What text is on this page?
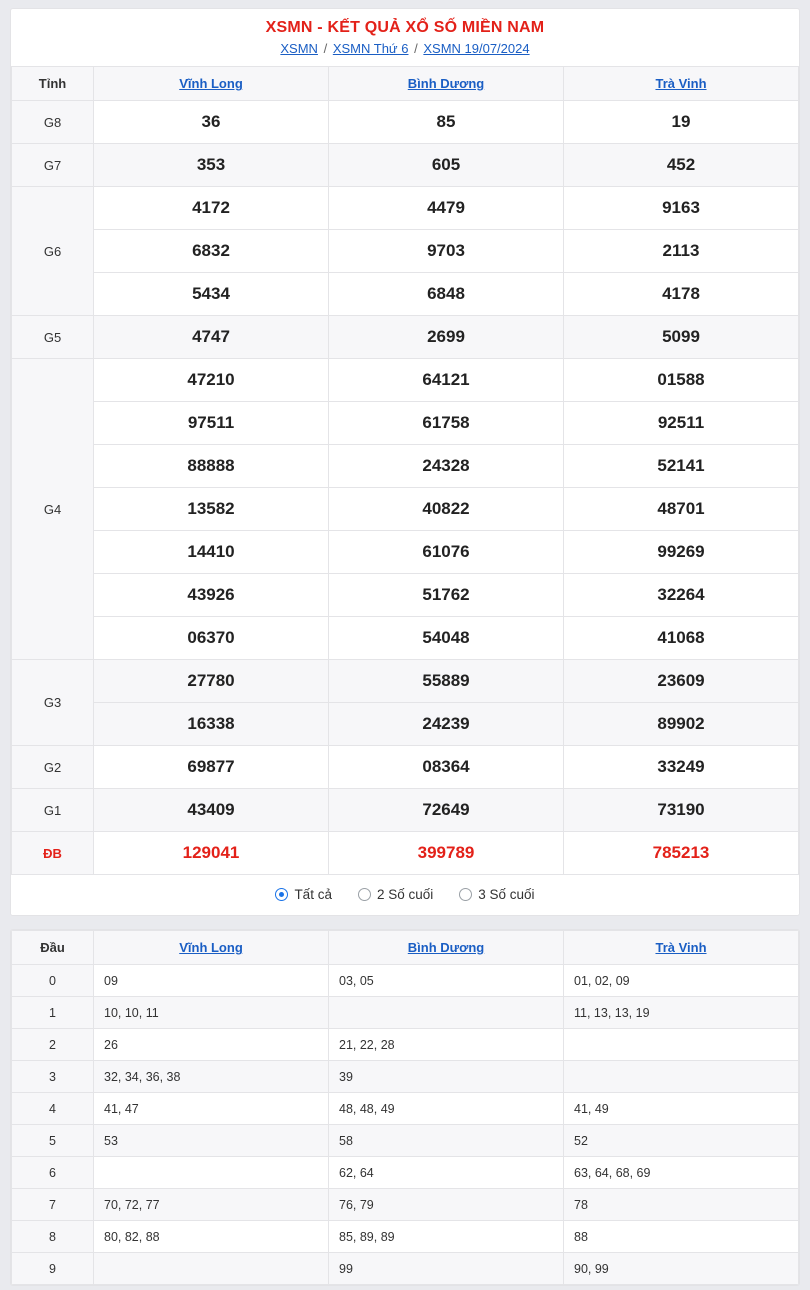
XSMN - KẾT QUẢ XỔ SỐ MIỀN NAM
XSMN / XSMN Thứ 6 / XSMN 19/07/2024
Tỉnh	Vĩnh Long	Bình Dương	Trà Vinh
G8	36	85	19
G7	353	605	452
G6	4172	4479	9163
	6832	9703	2113
	5434	6848	4178
G5	4747	2699	5099
G4	47210	64121	01588
	97511	61758	92511
	88888	24328	52141
	13582	40822	48701
	14410	61076	99269
	43926	51762	32264
	06370	54048	41068
G3	27780	55889	23609
	16338	24239	89902
G2	69877	08364	33249
G1	43409	72649	73190
ĐB	129041	399789	785213
Tất cả	2 Số cuối	3 Số cuối
Đầu	Vĩnh Long	Bình Dương	Trà Vinh
0	09	03, 05	01, 02, 09
1	10, 10, 11		11, 13, 13, 19
2	26	21, 22, 28	
3	32, 34, 36, 38	39	
4	41, 47	48, 48, 49	41, 49
5	53	58	52
6		62, 64	63, 64, 68, 69
7	70, 72, 77	76, 79	78
8	80, 82, 88	85, 89, 89	88
9		99	90, 99
